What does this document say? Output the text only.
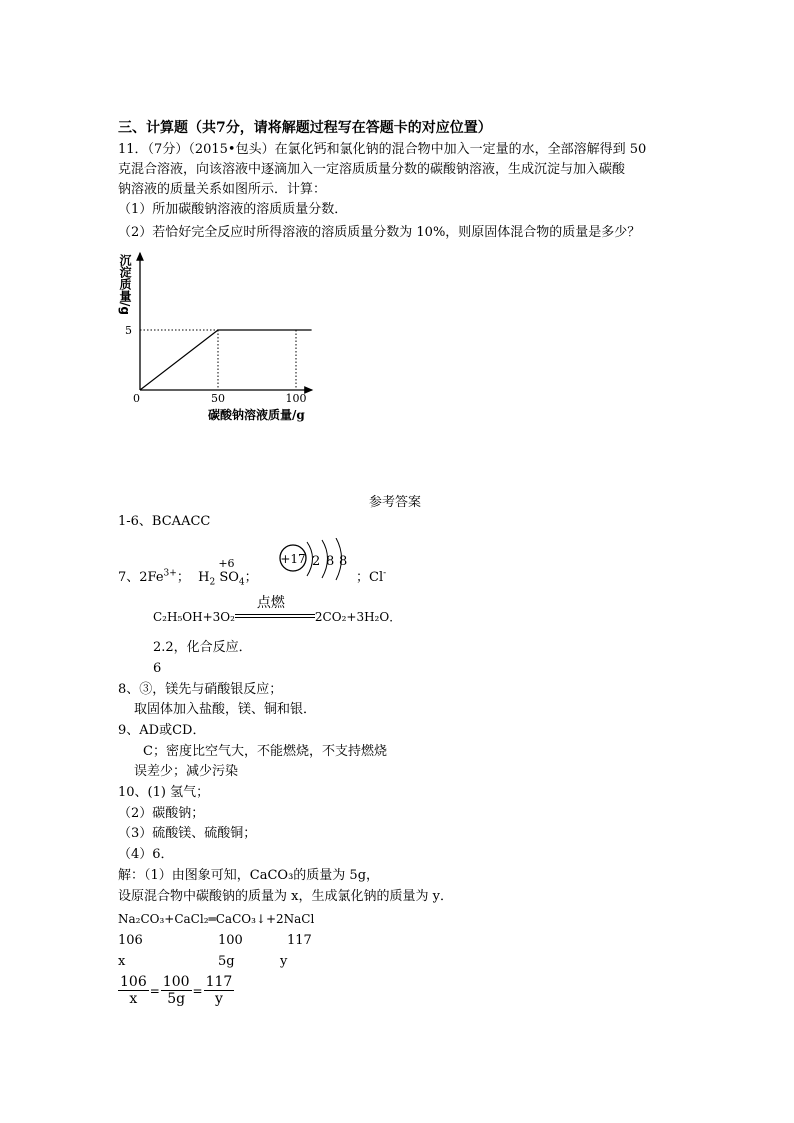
三、计算题（共7分，请将解题过程写在答题卡的对应位置）
11．（7分）（2015•包头）在氯化钙和氯化钠的混合物中加入一定量的水，全部溶解得到 50
克混合溶液，向该溶液中逐滴加入一定溶质质量分数的碳酸钠溶液，生成沉淀与加入碳酸
钠溶液的质量关系如图所示．计算：
（1）所加碳酸钠溶液的溶质质量分数．
（2）若恰好完全反应时所得溶液的溶质质量分数为 10%，则原固体混合物的质量是多少？
0	50	100
5
碳酸钠溶液质量/g
沉淀质量/g
参考答案
1-6、BCAACC
7、$2Fe^{3+}$；  $H_2$ S
+6
$O_4$；
+17 2 8 8
；Cl-
C₂H₅OH+3O₂
点燃
2CO₂+3H₂O．
2.2，化合反应．
6
8、③，镁先与硝酸银反应；
取固体加入盐酸，镁、铜和银．
9、AD或CD．
C；密度比空气大，不能燃烧，不支持燃烧
误差少；减少污染
10、(1) 氢气；
（2）碳酸钠；
（3）硫酸镁、硫酸铜；
（4）6．
解：（1）由图象可知，CaCO₃的质量为 5g，
设原混合物中碳酸钠的质量为 x，生成氯化钠的质量为 y．
Na₂CO₃+CaCl₂═CaCO₃↓+2NaCl
106	100	117
x	5g	y
$\frac{106}{x} = \frac{100}{5g} = \frac{117}{y}$
